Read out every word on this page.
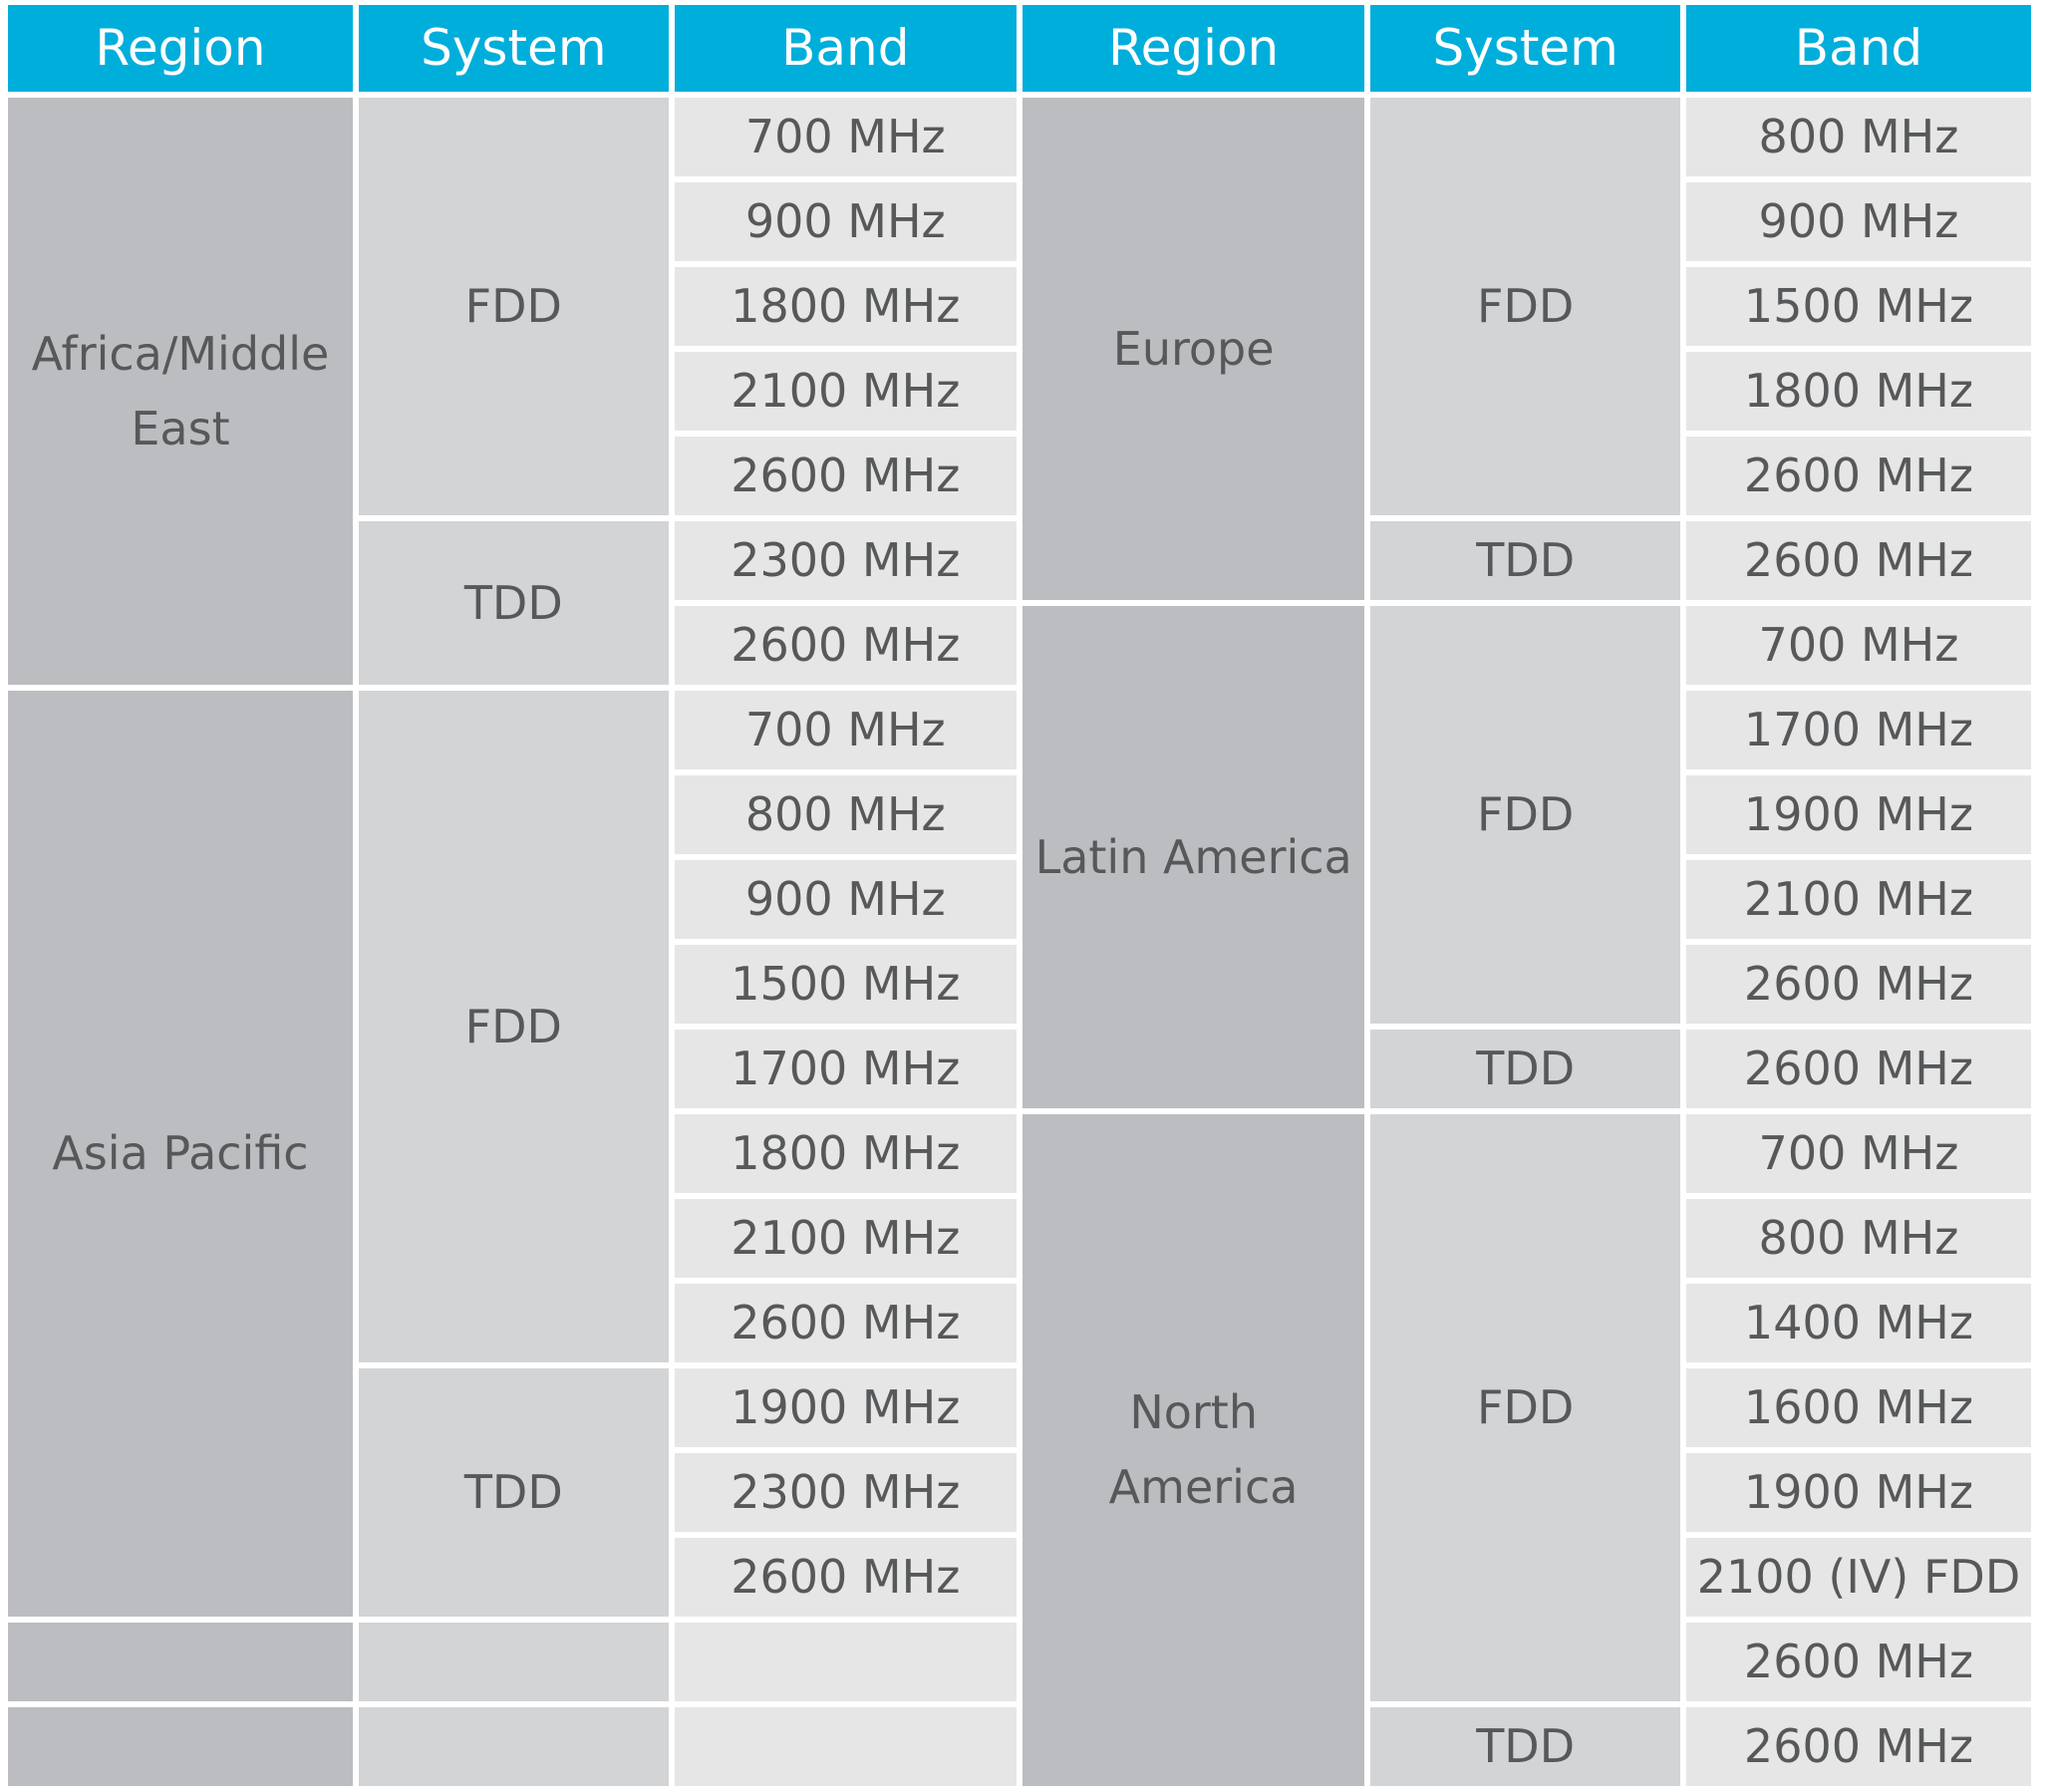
Region	System	Band	Region	System	Band
Africa/Middle East	FDD	700 MHz	Europe	FDD	800 MHz
		900 MHz			900 MHz
		1800 MHz			1500 MHz
		2100 MHz			1800 MHz
		2600 MHz			2600 MHz
	TDD	2300 MHz		TDD	2600 MHz
		2600 MHz	Latin America	FDD	700 MHz
Asia Pacific	FDD	700 MHz			1700 MHz
		800 MHz			1900 MHz
		900 MHz			2100 MHz
		1500 MHz			2600 MHz
		1700 MHz		TDD	2600 MHz
		1800 MHz	North America	FDD	700 MHz
		2100 MHz			800 MHz
		2600 MHz			1400 MHz
	TDD	1900 MHz			1600 MHz
		2300 MHz			1900 MHz
		2600 MHz			2100 (IV) FDD
					2600 MHz
				TDD	2600 MHz
